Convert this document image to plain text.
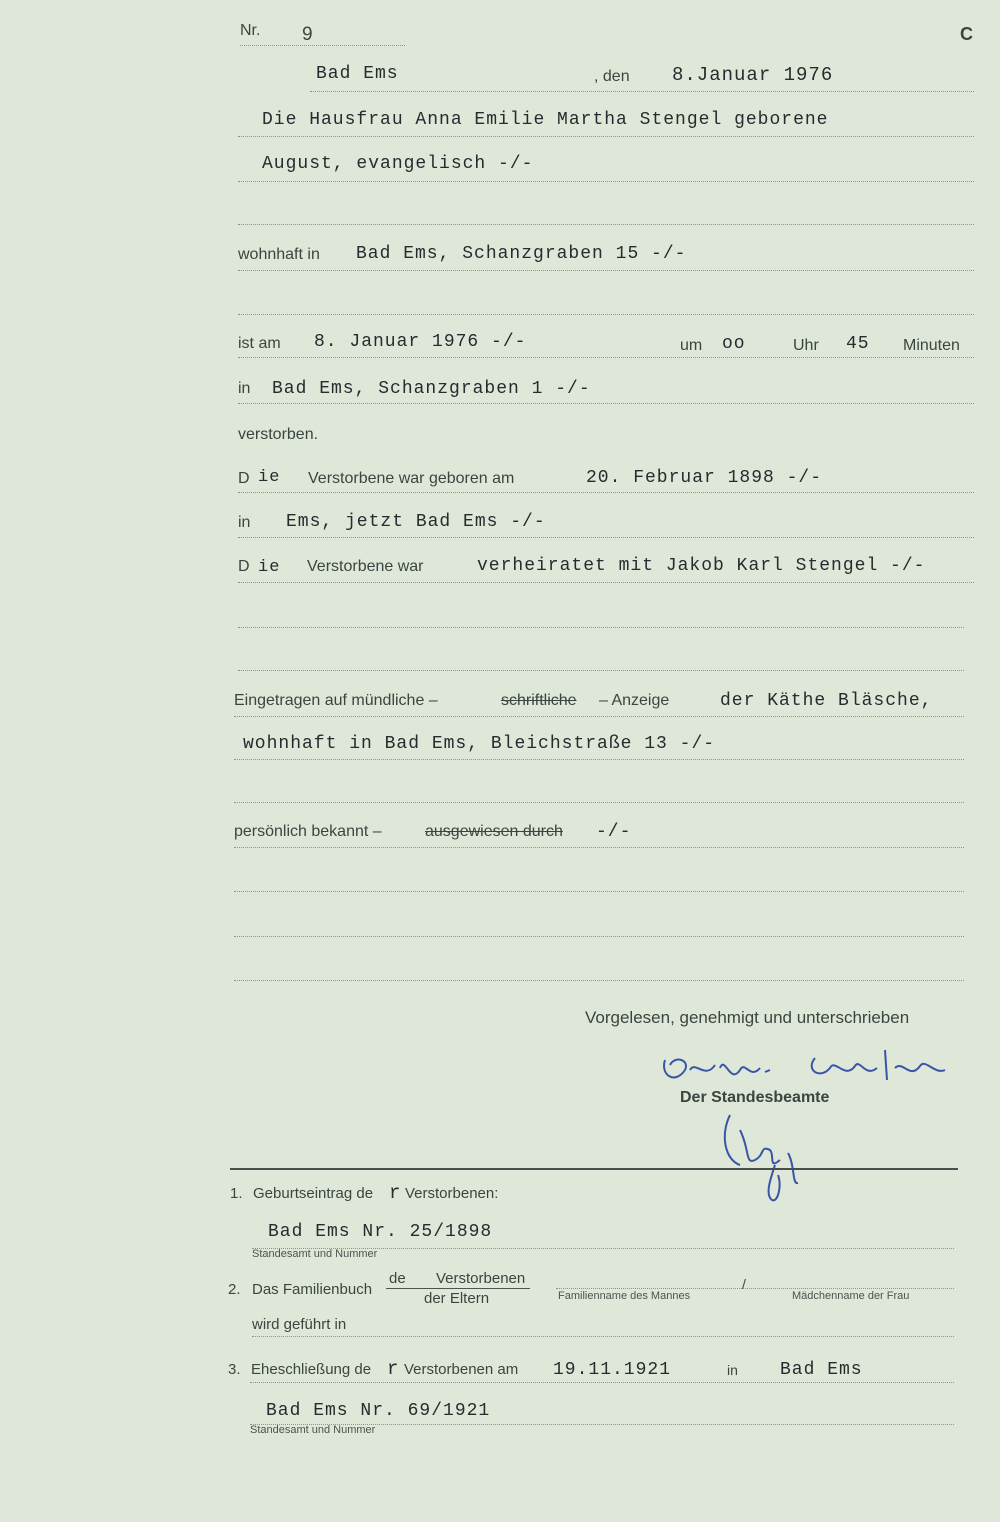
Nr. 9	C
Bad Ems	, den 8.Januar 1976
Die Hausfrau Anna Emilie Martha Stengel geborene
August, evangelisch -/-
wohnhaft in Bad Ems, Schanzgraben 15 -/-
ist am 8. Januar 1976 -/-	um oo	Uhr 45 Minuten
in Bad Ems, Schanzgraben 1 -/-
verstorben.
D ie Verstorbene war geboren am	20. Februar 1898 -/-
in Ems, jetzt Bad Ems -/-
D ie Verstorbene war	verheiratet mit Jakob Karl Stengel -/-
Eingetragen auf mündliche –	schriftliche – Anzeige	der Käthe Bläsche,
wohnhaft in Bad Ems, Bleichstraße 13 -/-
persönlich bekannt –	ausgewiesen durch -/-
Vorgelesen, genehmigt und unterschrieben
Der Standesbeamte
1. Geburtseintrag de r Verstorbenen:
Bad Ems Nr. 25/1898
Standesamt und Nummer
2. Das Familienbuch
de Verstorbenen
der Eltern	Familienname des Mannes
/
Mädchenname der Frau
wird geführt in
3. Eheschließung de r Verstorbenen am 19.11.1921	in Bad Ems
Bad Ems Nr. 69/1921
Standesamt und Nummer
